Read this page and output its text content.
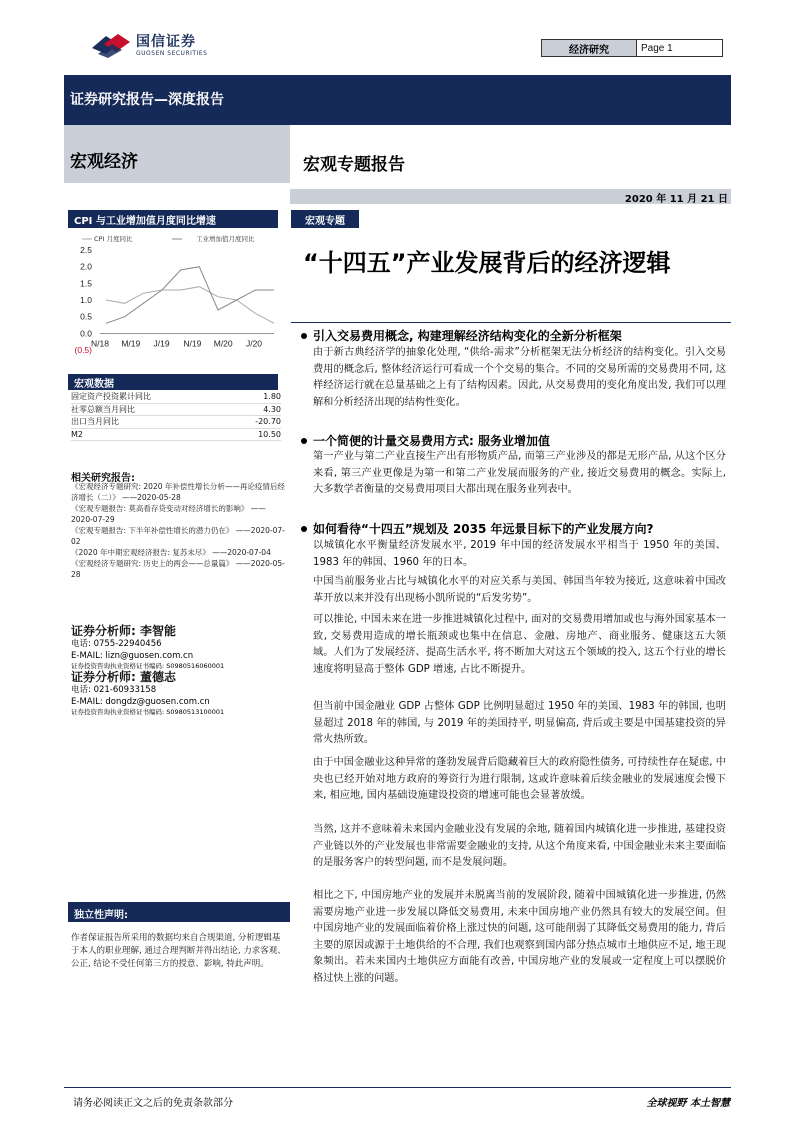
国信证券
GUOSEN SECURITIES	经济研究	Page 1
证券研究报告—深度报告
宏观经济	宏观专题报告
2020 年 11 月 21 日
CPI 与工业增加值月度同比增速
CPI 月度同比	工业增加值月度同比
2.5
2.0
1.5
1.0
0.5
0.0
(0.5)
N/18 M/19 J/19 N/19 M/20 J/20
宏观数据
固定资产投资累计同比	1.80
社零总额当月同比	4.30
出口当月同比	-20.70
M2	10.50
相关研究报告:
《宏观经济专题研究: 2020 年补偿性增长分析——再论疫情后经济增长（二）》 ——2020-05-28
《宏观专题报告: 莫高看存贷变动对经济增长的影响》 ——2020-07-29
《宏观专题报告: 下半年补偿性增长的潜力仍在》 ——2020-07-02
《2020 年中期宏观经济报告: 复苏未尽》 ——2020-07-04
《宏观经济专题研究: 历史上的两会——总量篇》 ——2020-05-28
证券分析师: 李智能
电话: 0755-22940456
E-MAIL: lizn@guosen.com.cn
证券投资咨询执业资格证书编码: S0980516060001
证券分析师: 董德志
电话: 021-60933158
E-MAIL: dongdz@guosen.com.cn
证券投资咨询执业资格证书编码: S0980513100001
独立性声明:
作者保证报告所采用的数据均来自合规渠道, 分析逻辑基于本人的职业理解, 通过合理判断并得出结论, 力求客观、公正, 结论不受任何第三方的授意、影响, 特此声明。
宏观专题
“十四五”产业发展背后的经济逻辑
引入交易费用概念, 构建理解经济结构变化的全新分析框架
由于新古典经济学的抽象化处理, “供给-需求”分析框架无法分析经济的结构变化。引入交易费用的概念后, 整体经济运行可看成一个个交易的集合。不同的交易所需的交易费用不同, 这样经济运行就在总量基础之上有了结构因素。因此, 从交易费用的变化角度出发, 我们可以理解和分析经济出现的结构性变化。
一个简便的计量交易费用方式: 服务业增加值
第一产业与第二产业直接生产出有形物质产品, 而第三产业涉及的都是无形产品, 从这个区分来看, 第三产业更像是为第一和第二产业发展而服务的产业, 接近交易费用的概念。实际上, 大多数学者衡量的交易费用项目大都出现在服务业列表中。
如何看待“十四五”规划及 2035 年远景目标下的产业发展方向?
以城镇化水平衡量经济发展水平, 2019 年中国的经济发展水平相当于 1950 年的美国、1983 年的韩国、1960 年的日本。
中国当前服务业占比与城镇化水平的对应关系与美国、韩国当年较为接近, 这意味着中国改革开放以来并没有出现杨小凯所说的“后发劣势”。
可以推论, 中国未来在进一步推进城镇化过程中, 面对的交易费用增加或也与海外国家基本一致, 交易费用造成的增长瓶颈或也集中在信息、金融、房地产、商业服务、健康这五大领域。人们为了发展经济、提高生活水平, 将不断加大对这五个领域的投入, 这五个行业的增长速度将明显高于整体 GDP 增速, 占比不断提升。
但当前中国金融业 GDP 占整体 GDP 比例明显超过 1950 年的美国、1983 年的韩国, 也明显超过 2018 年的韩国, 与 2019 年的美国持平, 明显偏高, 背后或主要是中国基建投资的异常火热所致。
由于中国金融业这种异常的蓬勃发展背后隐藏着巨大的政府隐性债务, 可持续性存在疑虑, 中央也已经开始对地方政府的筹资行为进行限制, 这或许意味着后续金融业的发展速度会慢下来, 相应地, 国内基础设施建设投资的增速可能也会显著放缓。
当然, 这并不意味着未来国内金融业没有发展的余地, 随着国内城镇化进一步推进, 基建投资产业链以外的产业发展也非常需要金融业的支持, 从这个角度来看, 中国金融业未来主要面临的是服务客户的转型问题, 而不是发展问题。
相比之下, 中国房地产业的发展并未脱离当前的发展阶段, 随着中国城镇化进一步推进, 仍然需要房地产业进一步发展以降低交易费用, 未来中国房地产业仍然具有较大的发展空间。但中国房地产业的发展面临着价格上涨过快的问题, 这可能削弱了其降低交易费用的能力, 背后主要的原因或源于土地供给的不合理, 我们也观察到国内部分热点城市土地供应不足, 地王现象频出。若未来国内土地供应方面能有改善, 中国房地产业的发展或一定程度上可以摆脱价格过快上涨的问题。
请务必阅读正文之后的免责条款部分	全球视野 本土智慧
